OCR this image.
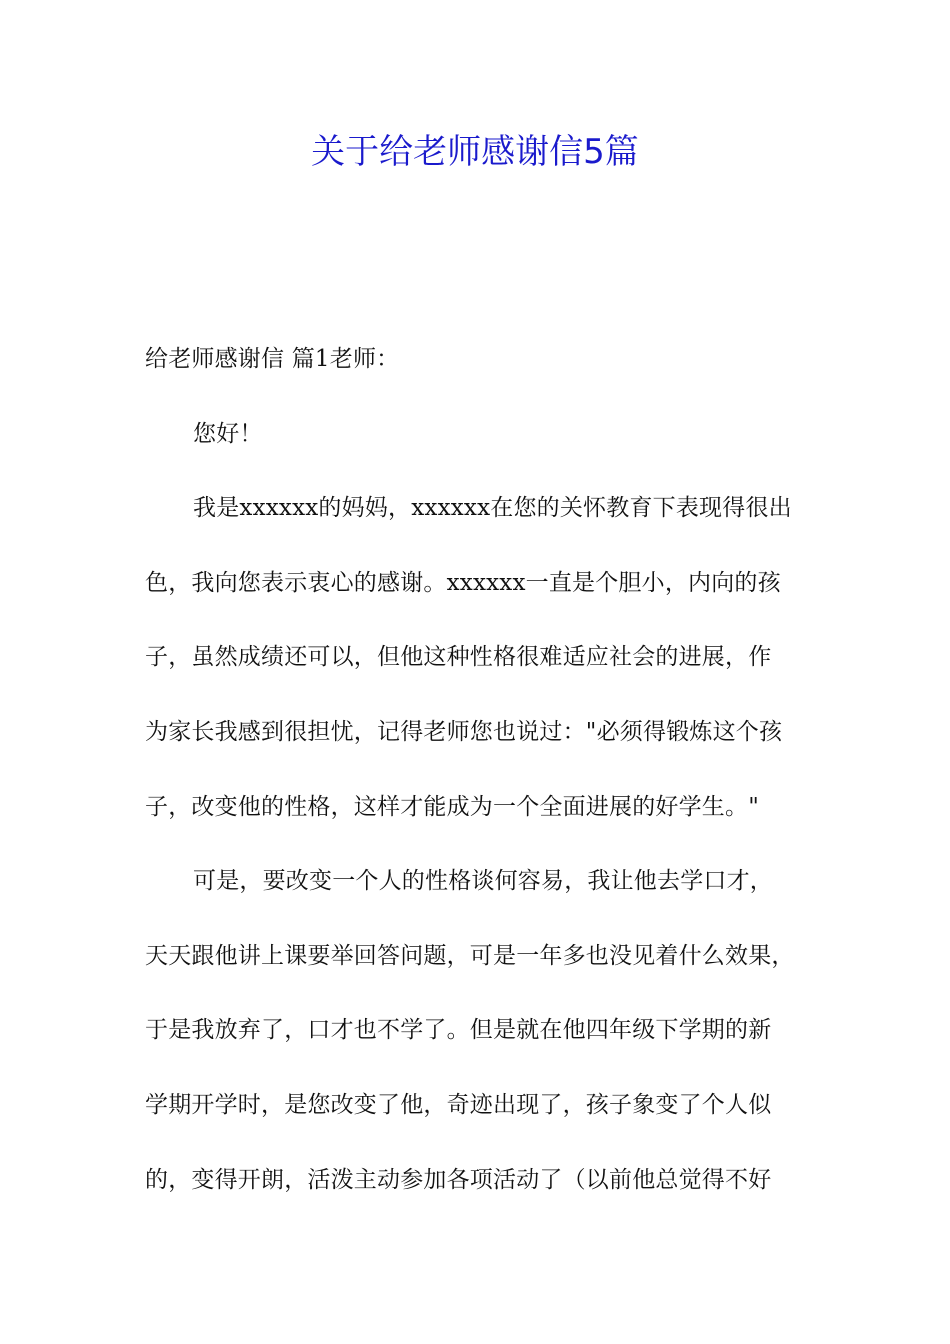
关于给老师感谢信5篇
给老师感谢信 篇1老师：
您好！
我是xxxxxx的妈妈，xxxxxx在您的关怀教育下表现得很出
色，我向您表示衷心的感谢。xxxxxx一直是个胆小，内向的孩
子，虽然成绩还可以，但他这种性格很难适应社会的进展，作
为家长我感到很担忧，记得老师您也说过："必须得锻炼这个孩
子，改变他的性格，这样才能成为一个全面进展的好学生。"
可是，要改变一个人的性格谈何容易，我让他去学口才，
天天跟他讲上课要举回答问题，可是一年多也没见着什么效果，
于是我放弃了，口才也不学了。但是就在他四年级下学期的新
学期开学时，是您改变了他，奇迹出现了，孩子象变了个人似
的，变得开朗，活泼主动参加各项活动了（以前他总觉得不好
